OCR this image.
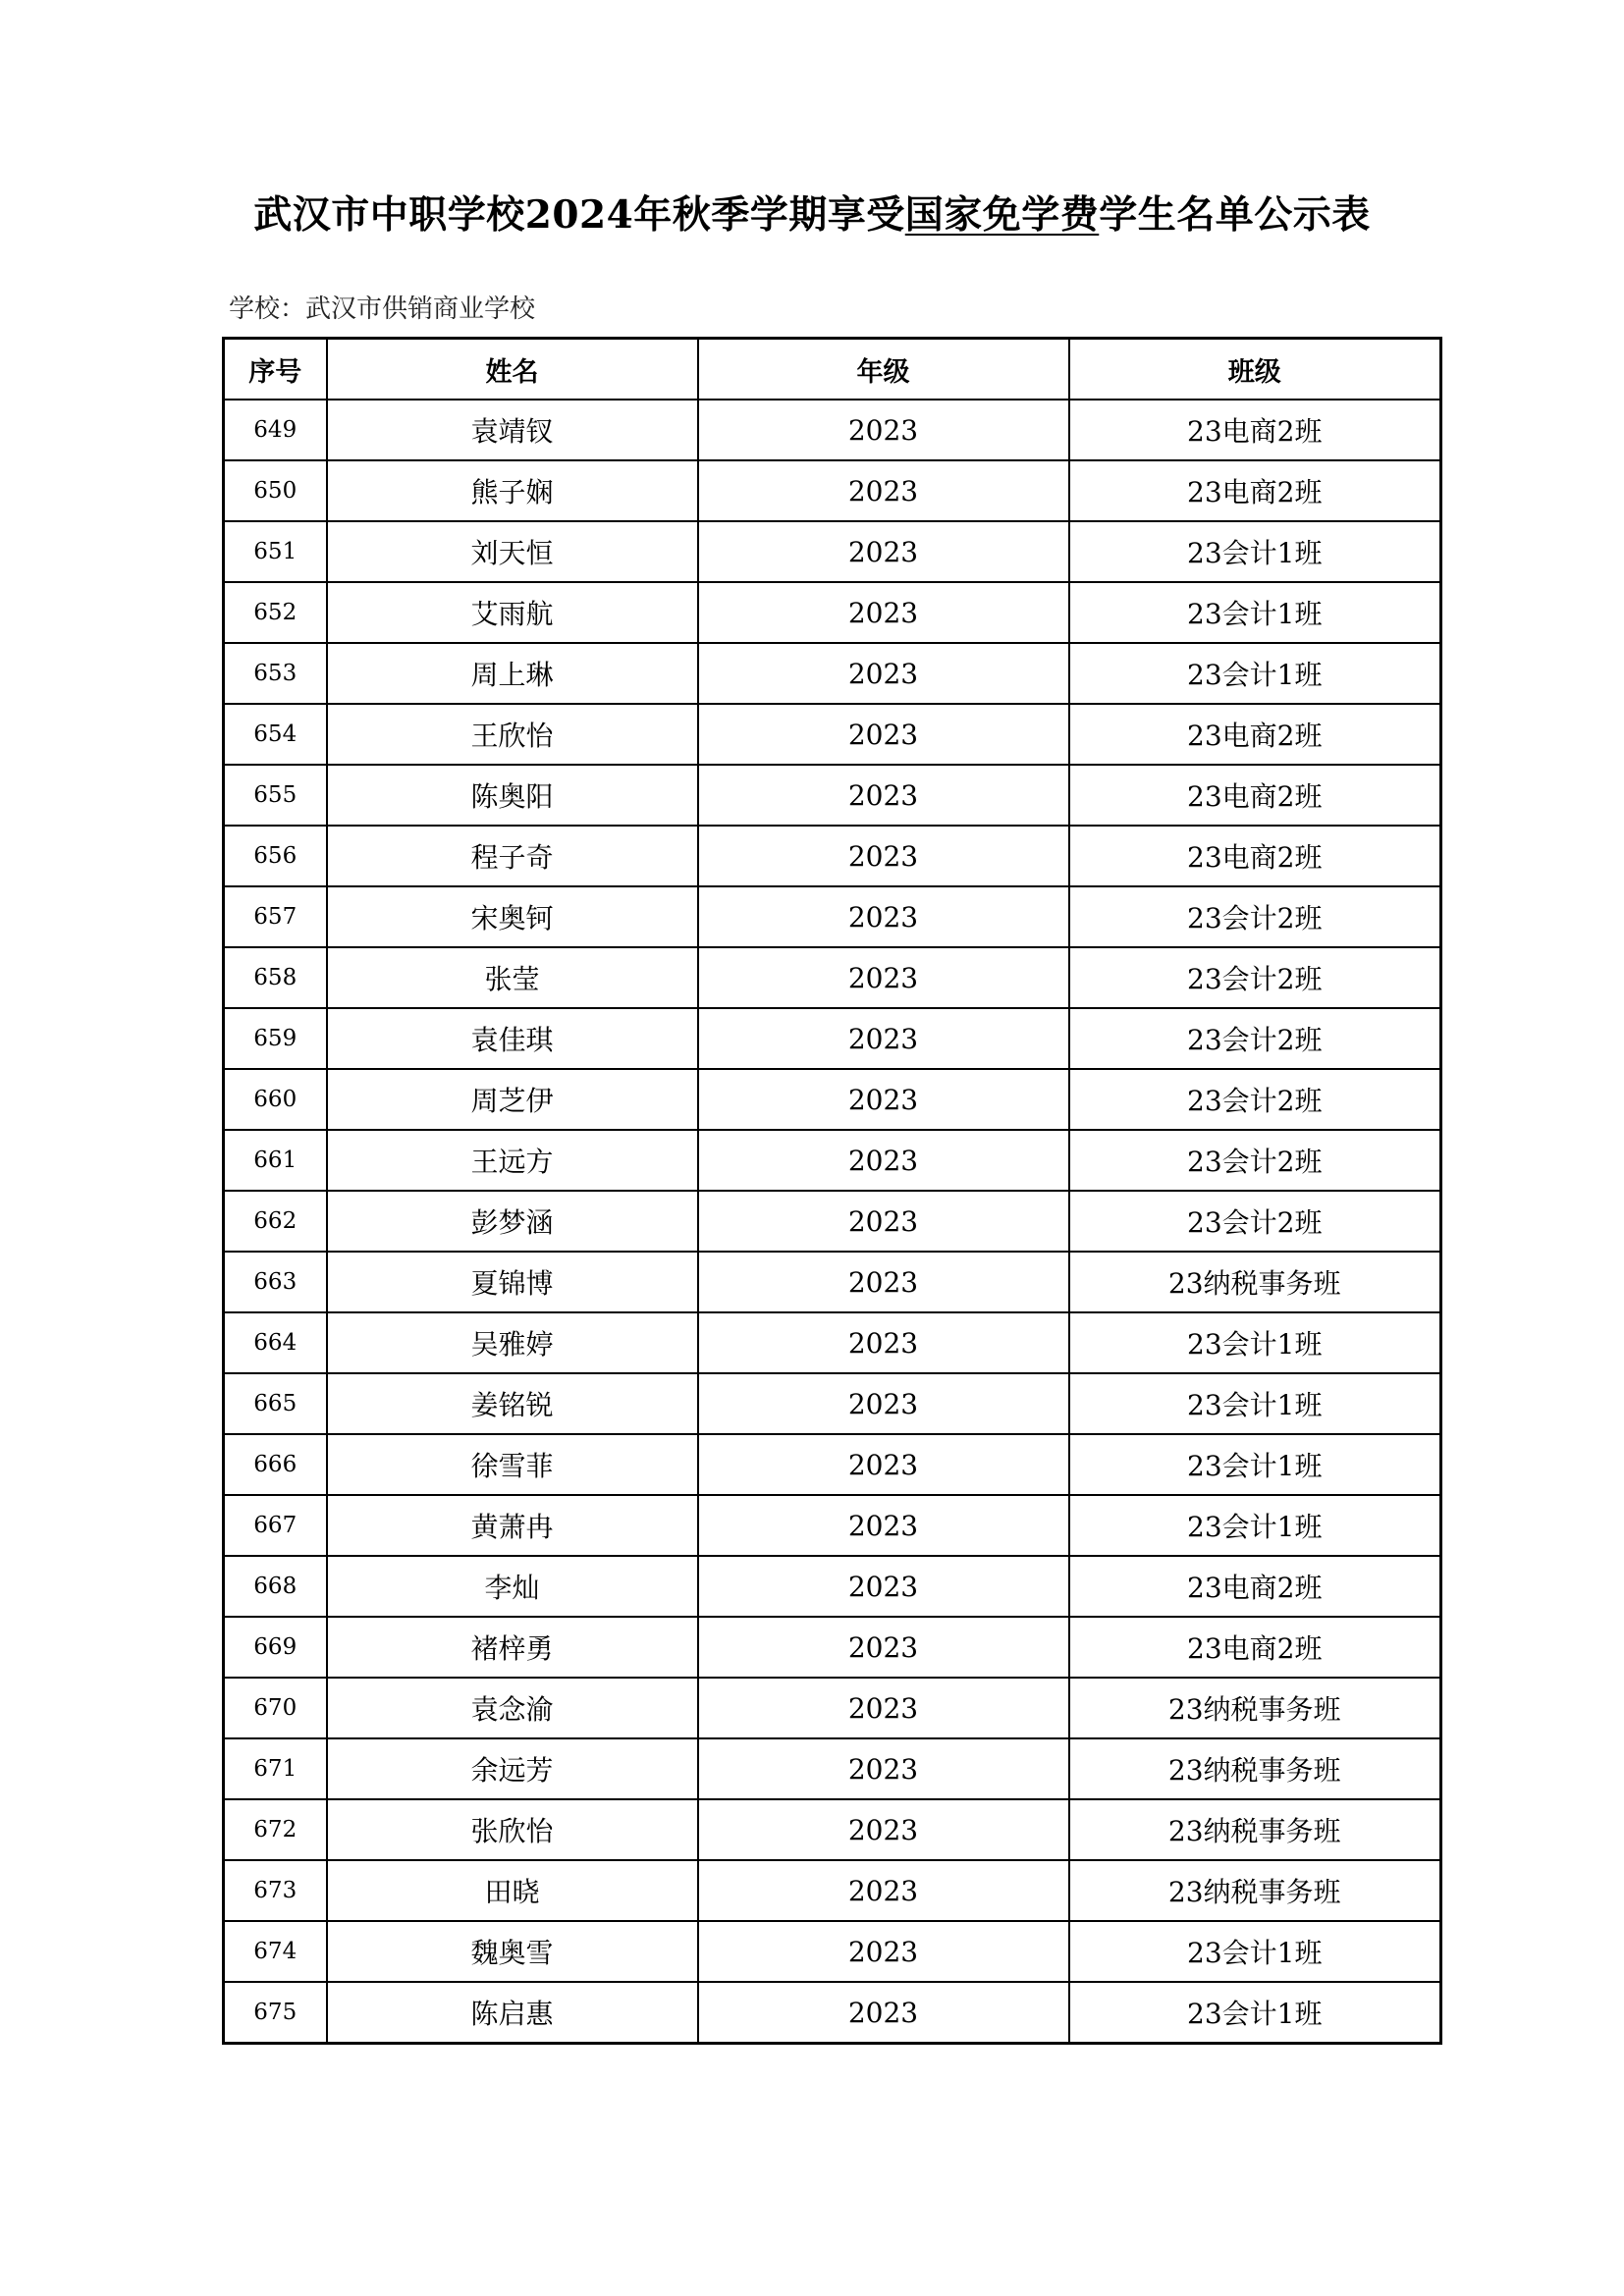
武汉市中职学校2024年秋季学期享受国家免学费学生名单公示表
学校：武汉市供销商业学校
序号	姓名	年级	班级
649	袁靖钗	2023	23电商2班
650	熊子娴	2023	23电商2班
651	刘天恒	2023	23会计1班
652	艾雨航	2023	23会计1班
653	周上琳	2023	23会计1班
654	王欣怡	2023	23电商2班
655	陈奥阳	2023	23电商2班
656	程子奇	2023	23电商2班
657	宋奥钶	2023	23会计2班
658	张莹	2023	23会计2班
659	袁佳琪	2023	23会计2班
660	周芝伊	2023	23会计2班
661	王远方	2023	23会计2班
662	彭梦涵	2023	23会计2班
663	夏锦博	2023	23纳税事务班
664	吴雅婷	2023	23会计1班
665	姜铭锐	2023	23会计1班
666	徐雪菲	2023	23会计1班
667	黄萧冉	2023	23会计1班
668	李灿	2023	23电商2班
669	褚梓勇	2023	23电商2班
670	袁念渝	2023	23纳税事务班
671	余远芳	2023	23纳税事务班
672	张欣怡	2023	23纳税事务班
673	田晓	2023	23纳税事务班
674	魏奥雪	2023	23会计1班
675	陈启惠	2023	23会计1班
